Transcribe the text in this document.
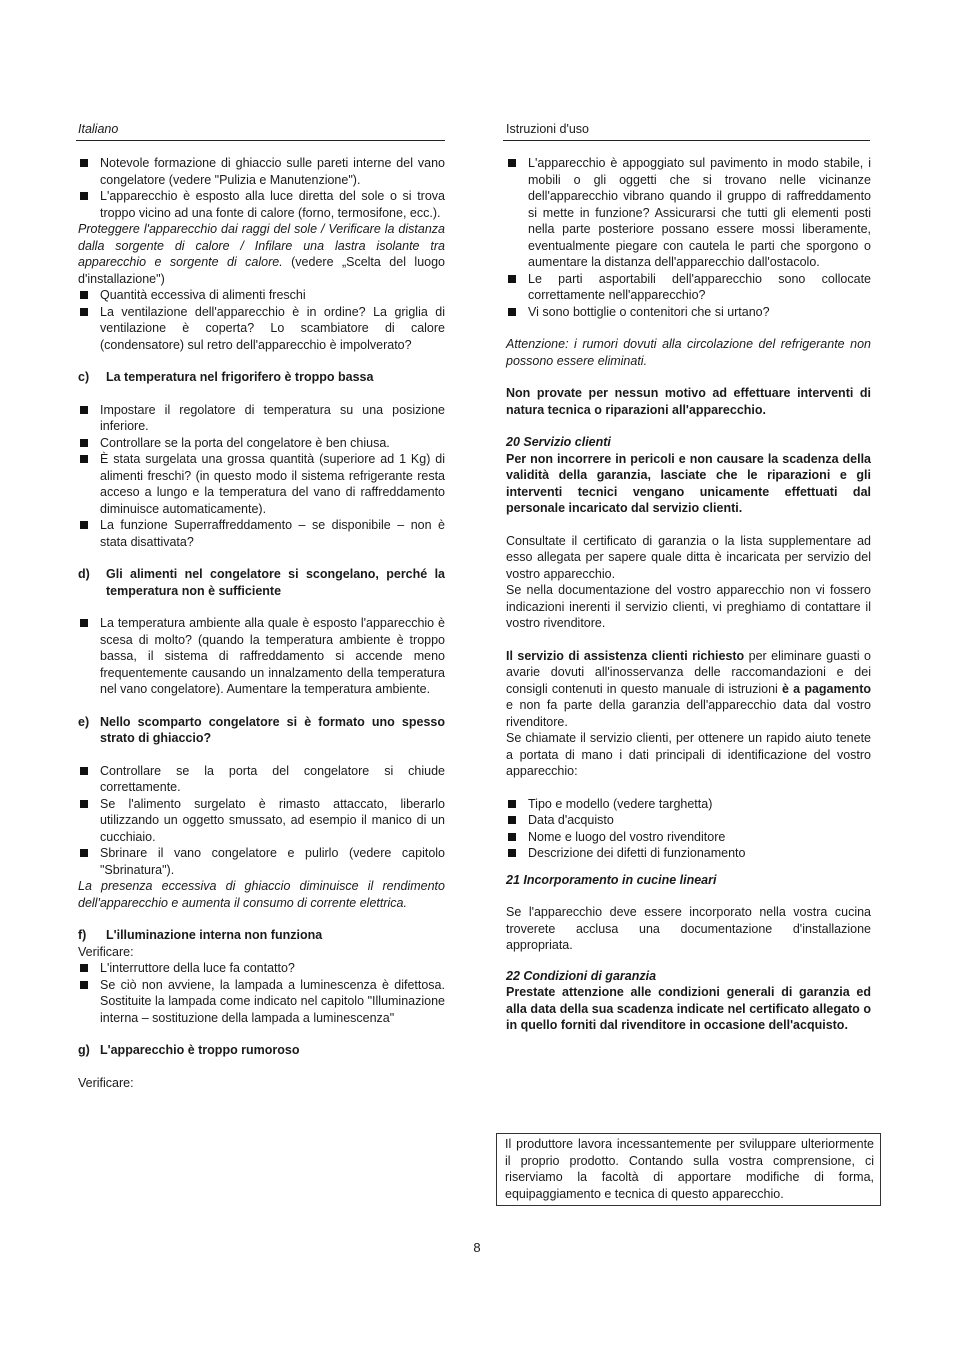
Italiano	Istruzioni d'uso
Notevole formazione di ghiaccio sulle pareti interne del vano congelatore (vedere "Pulizia e Manutenzione").
L'apparecchio è esposto alla luce diretta del sole o si trova troppo vicino ad una fonte di calore (forno, termosifone, ecc.).

Proteggere l'apparecchio dai raggi del sole / Verificare la distanza dalla sorgente di calore / Infilare una lastra isolante tra apparecchio e sorgente di calore. (vedere „Scelta del luogo d'installazione")

Quantità eccessiva di alimenti freschi
La ventilazione dell'apparecchio è in ordine? La griglia di ventilazione è coperta? Lo scambiatore di calore (condensatore) sul retro dell'apparecchio è impolverato?
c)	La temperatura nel frigorifero è troppo bassa
Impostare il regolatore di temperatura su una posizione inferiore.
Controllare se la porta del congelatore è ben chiusa.
È stata surgelata una grossa quantità (superiore ad 1 Kg) di alimenti freschi? (in questo modo il sistema refrigerante resta acceso a lungo e la temperatura del vano di raffreddamento diminuisce automaticamente).
La funzione Superraffreddamento – se disponibile – non è stata disattivata?
d)	Gli alimenti nel congelatore si scongelano, perché la temperatura non è sufficiente
La temperatura ambiente alla quale è esposto l'apparecchio è scesa di molto? (quando la temperatura ambiente è troppo bassa, il sistema di raffreddamento si accende meno frequentemente causando un innalzamento della temperatura nel vano congelatore). Aumentare la temperatura ambiente.
e) Nello scomparto congelatore si è formato uno spesso strato di ghiaccio?
Controllare se la porta del congelatore si chiude correttamente.
Se l'alimento surgelato è rimasto attaccato, liberarlo utilizzando un oggetto smussato, ad esempio il manico di un cucchiaio.
Sbrinare il vano congelatore e pulirlo (vedere capitolo "Sbrinatura").

La presenza eccessiva di ghiaccio diminuisce il rendimento dell'apparecchio e aumenta il consumo di corrente elettrica.

f)	L'illuminazione interna non funziona

Verificare:

L'interruttore della luce fa contatto?
Se ciò non avviene, la lampada a luminescenza è difettosa. Sostituite la lampada come indicato nel capitolo "Illuminazione interna – sostituzione della lampada a luminescenza"
g) L'apparecchio è troppo rumoroso

Verificare:

L'apparecchio è appoggiato sul pavimento in modo stabile, i mobili o gli oggetti che si trovano nelle vicinanze dell'apparecchio vibrano quando il gruppo di raffreddamento si mette in funzione? Assicurarsi che tutti gli elementi posti nella parte posteriore possano essere mossi liberamente, eventualmente piegare con cautela le parti che sporgono o aumentare la distanza dell'apparecchio dall'ostacolo.
Le parti asportabili dell'apparecchio sono collocate correttamente nell'apparecchio?
Vi sono bottiglie o contenitori che si urtano?

Attenzione: i rumori dovuti alla circolazione del refrigerante non possono essere eliminati.

Non provate per nessun motivo ad effettuare interventi di natura tecnica o riparazioni all'apparecchio.

20 Servizio clienti

Per non incorrere in pericoli e non causare la scadenza della validità della garanzia, lasciate che le riparazioni e gli interventi tecnici vengano unicamente effettuati dal personale incaricato dal servizio clienti.

Consultate il certificato di garanzia o la lista supplementare ad esso allegata per sapere quale ditta è incaricata per servizio del vostro apparecchio.

Se nella documentazione del vostro apparecchio non vi fossero indicazioni inerenti il servizio clienti, vi preghiamo di contattare il vostro rivenditore.

Il servizio di assistenza clienti richiesto per eliminare guasti o avarie dovuti all'inosservanza delle raccomandazioni e dei consigli contenuti in questo manuale di istruzioni è a pagamento e non fa parte della garanzia dell'apparecchio data dal vostro rivenditore.

Se chiamate il servizio clienti, per ottenere un rapido aiuto tenete a portata di mano i dati principali di identificazione del vostro apparecchio:

Tipo e modello (vedere targhetta)
Data d'acquisto
Nome e luogo del vostro rivenditore
Descrizione dei difetti di funzionamento

21 Incorporamento in cucine lineari

Se l'apparecchio deve essere incorporato nella vostra cucina troverete acclusa una documentazione d'installazione appropriata.

22 Condizioni di garanzia

Prestate attenzione alle condizioni generali di garanzia ed alla data della sua scadenza indicate nel certificato allegato o in quello forniti dal rivenditore in occasione dell'acquisto.

Il produttore lavora incessantemente per sviluppare ulteriormente il proprio prodotto. Contando sulla vostra comprensione, ci riserviamo la facoltà di apportare modifiche di forma, equipaggiamento e tecnica di questo apparecchio.
8
